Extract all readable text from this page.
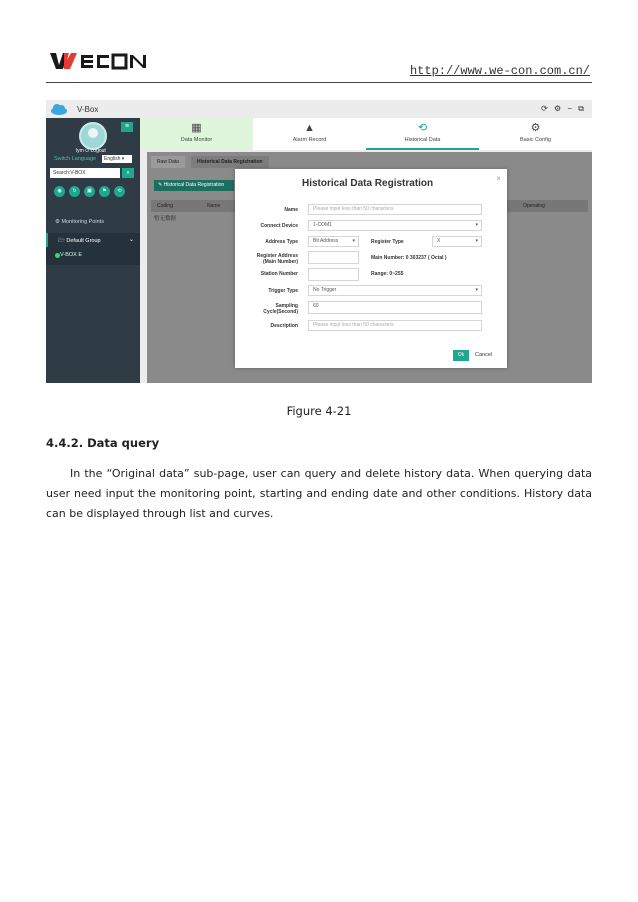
http://www.we-con.com.cn/
V-Box	⟳ ⚙ − ⧉
≡
lym ⏻ Logout
Switch Language	English ▾
Search:V-BOX	⌕
◉	↻	▣	⚑	⟲
⚙ Monitoring Points
🗁 Default Group	⌄
V-BOX E
▦
Data Monitor
▲
Alarm Record
⟲
Historical Data
⚙
Basic Config
Raw Data	Historical Data Registration
✎ Historical Data Registration
Coding	Name	Operating
暂无数据
Historical Data Registration	×
Name	Please input less than 50 characters
Connect Device	1-COM1	▾
Address Type	Bit Address	▾	Register Type	X	▾
Register Address
(Main Number)
Main Number: 0 303237 ( Octal )
Station Number	Range: 0~255
Trigger Type	No Trigger	▾
Sampling
Cycle(Second)
60
Description	Please input less than 50 characters
Ok	Cancel
Figure 4-21
4.4.2. Data query

In the “Original data” sub-page, user can query and delete history data. When querying data user need input the monitoring point, starting and ending date and other conditions. History data can be displayed through list and curves.
